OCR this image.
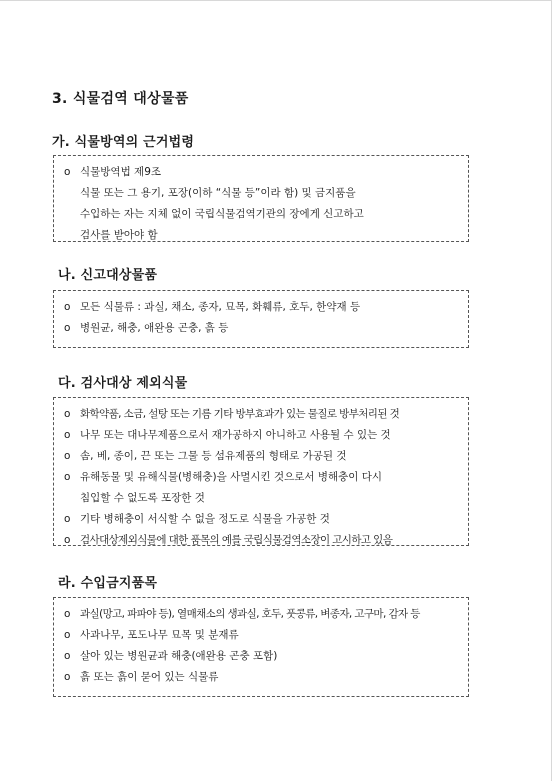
3. 식물검역 대상물품
가. 식물방역의 근거법령
ο 식물방역법 제9조
식물 또는 그 용기, 포장(이하 “식물 등”이라 함) 및 금지품을
수입하는 자는 지체 없이 국립식물검역기관의 장에게 신고하고
검사를 받아야 함
나. 신고대상물품
ο 모든 식물류 : 과실, 채소, 종자, 묘목, 화훼류, 호두, 한약재 등
ο 병원균, 해충, 애완용 곤충, 흙 등
다. 검사대상 제외식물
ο 화학약품, 소금, 설탕 또는 기름 기타 방부효과가 있는 물질로 방부처리된 것
ο 나무 또는 대나무제품으로서 재가공하지 아니하고 사용될 수 있는 것
ο 솜, 베, 종이, 끈 또는 그물 등 섬유제품의 형태로 가공된 것
ο 유해동물 및 유해식물(병해충)을 사멸시킨 것으로서 병해충이 다시
침입할 수 없도록 포장한 것
ο 기타 병해충이 서식할 수 없을 정도로 식물을 가공한 것
ο 검사대상제외식물에 대한 품목의 예를 국립식물검역소장이 고시하고 있음
라. 수입금지품목
ο 과실(망고, 파파야 등), 열매채소의 생과실, 호두, 풋콩류, 벼종자, 고구마, 감자 등
ο 사과나무, 포도나무 묘목 및 분재류
ο 살아 있는 병원균과 해충(애완용 곤충 포함)
ο 흙 또는 흙이 묻어 있는 식물류
